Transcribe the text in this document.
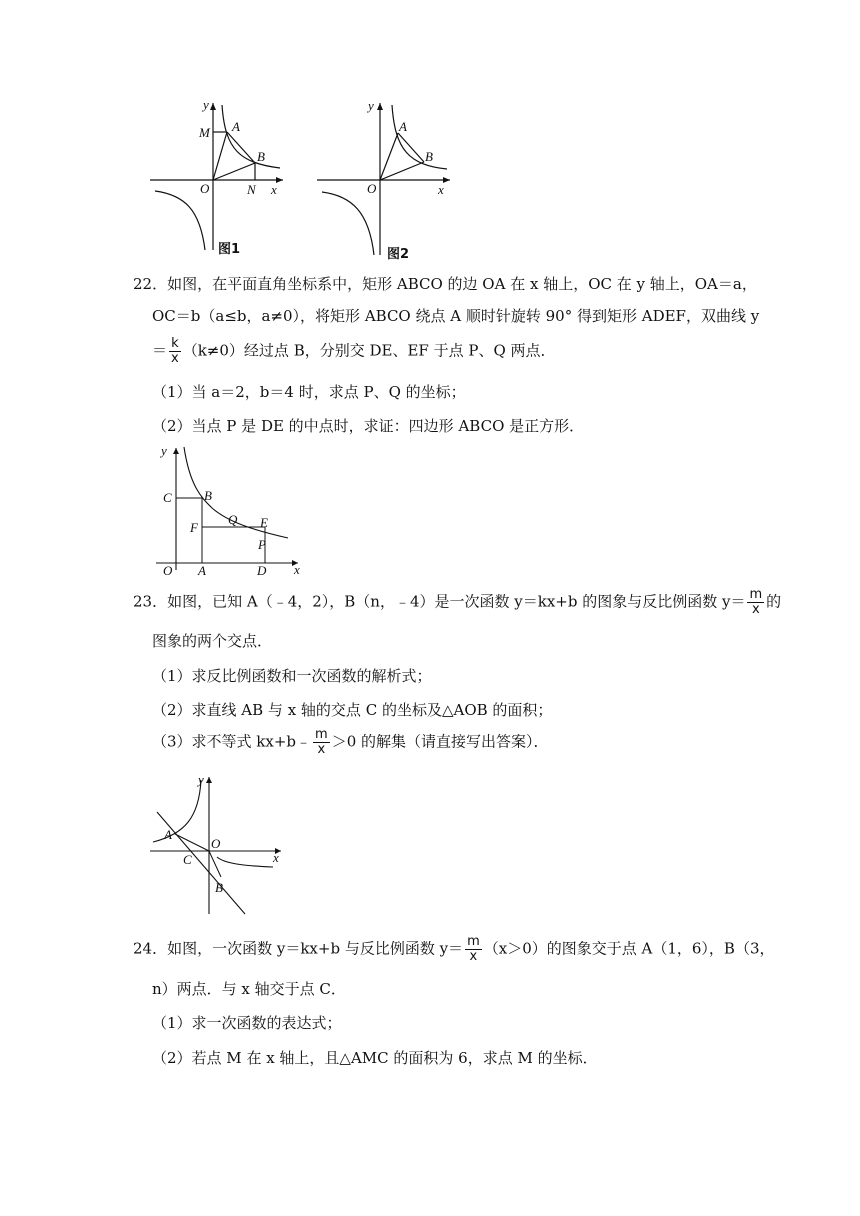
y
x
O
M A
B
N
图1
y
x
O
A
B
图2
22．如图，在平面直角坐标系中，矩形 ABCO 的边 OA 在 x 轴上，OC 在 y 轴上，OA＝a，
OC＝b（a≤b，a≠0），将矩形 ABCO 绕点 A 顺时针旋转 90° 得到矩形 ADEF，双曲线 y
＝ $\frac{k}{x} (k\ne 0)$经过点 B，分别交 DE、EF 于点 P、Q 两点．
（1）当 a＝2，b＝4 时，求点 P、Q 的坐标；
（2）当点 P 是 DE 的中点时，求证：四边形 ABCO 是正方形．
y
x
O A	D
C B
F
Q E
P
23．如图，已知 A（﹣4，2），B（n，﹣4）是一次函数 y＝kx+b 的图象与反比例函数 $y= \frac{m}{x}$ 的
图象的两个交点．
（1）求反比例函数和一次函数的解析式；
（2）求直线 AB 与 x 轴的交点 C 的坐标及△AOB 的面积；
（3）求不等式 kx+b﹣ $\frac{m}{x} >0$ 的解集（请直接写出答案）．
y
x
A
O
C
B
24．如图，一次函数 y＝kx+b 与反比例函数 $y= \frac{m}{x} (x>0)$的图象交于点 A（1，6），B（3，
n）两点．与 x 轴交于点 C．
（1）求一次函数的表达式；
（2）若点 M 在 x 轴上，且△AMC 的面积为 6，求点 M 的坐标．
